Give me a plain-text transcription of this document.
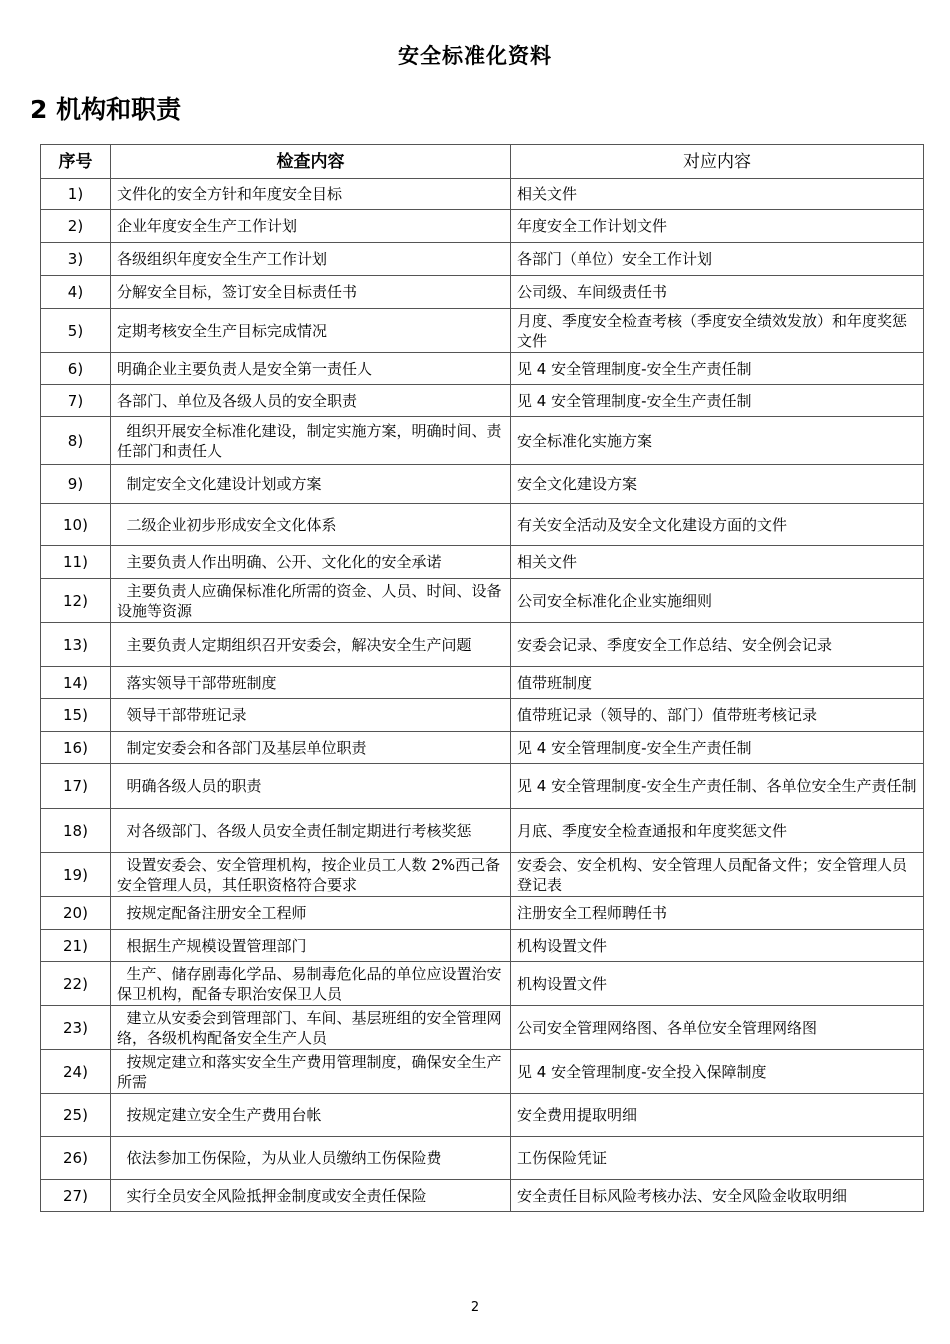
安全标准化资料
2 机构和职责
序号	检查内容	对应内容
1)	文件化的安全方针和年度安全目标	相关文件
2)	企业年度安全生产工作计划	年度安全工作计划文件
3)	各级组织年度安全生产工作计划	各部门（单位）安全工作计划
4)	分解安全目标，签订安全目标责任书	公司级、车间级责任书
5)	定期考核安全生产目标完成情况	月度、季度安全检查考核（季度安全绩效发放）和年度奖惩文件
6)	明确企业主要负责人是安全第一责任人	见 4 安全管理制度-安全生产责任制
7)	各部门、单位及各级人员的安全职责	见 4 安全管理制度-安全生产责任制
8)	组织开展安全标准化建设，制定实施方案，明确时间、责任部门和责任人	安全标准化实施方案
9)	制定安全文化建设计划或方案	安全文化建设方案
10)	二级企业初步形成安全文化体系	有关安全活动及安全文化建设方面的文件
11)	主要负责人作出明确、公开、文化化的安全承诺	相关文件
12)	主要负责人应确保标准化所需的资金、人员、时间、设备设施等资源	公司安全标准化企业实施细则
13)	主要负责人定期组织召开安委会，解决安全生产问题	安委会记录、季度安全工作总结、安全例会记录
14)	落实领导干部带班制度	值带班制度
15)	领导干部带班记录	值带班记录（领导的、部门）值带班考核记录
16)	制定安委会和各部门及基层单位职责	见 4 安全管理制度-安全生产责任制
17)	明确各级人员的职责	见 4 安全管理制度-安全生产责任制、各单位安全生产责任制
18)	对各级部门、各级人员安全责任制定期进行考核奖惩	月底、季度安全检查通报和年度奖惩文件
19)	设置安委会、安全管理机构，按企业员工人数 2%西己备安全管理人员，其任职资格符合要求	安委会、安全机构、安全管理人员配备文件；安全管理人员登记表
20)	按规定配备注册安全工程师	注册安全工程师聘任书
21)	根据生产规模设置管理部门	机构设置文件
22)	生产、储存剧毒化学品、易制毒危化品的单位应设置治安保卫机构，配备专职治安保卫人员	机构设置文件
23)	建立从安委会到管理部门、车间、基层班组的安全管理网络，各级机构配备安全生产人员	公司安全管理网络图、各单位安全管理网络图
24)	按规定建立和落实安全生产费用管理制度，确保安全生产所需	见 4 安全管理制度-安全投入保障制度
25)	按规定建立安全生产费用台帐	安全费用提取明细
26)	依法参加工伤保险，为从业人员缴纳工伤保险费	工伤保险凭证
27)	实行全员安全风险抵押金制度或安全责任保险	安全责任目标风险考核办法、安全风险金收取明细
2
